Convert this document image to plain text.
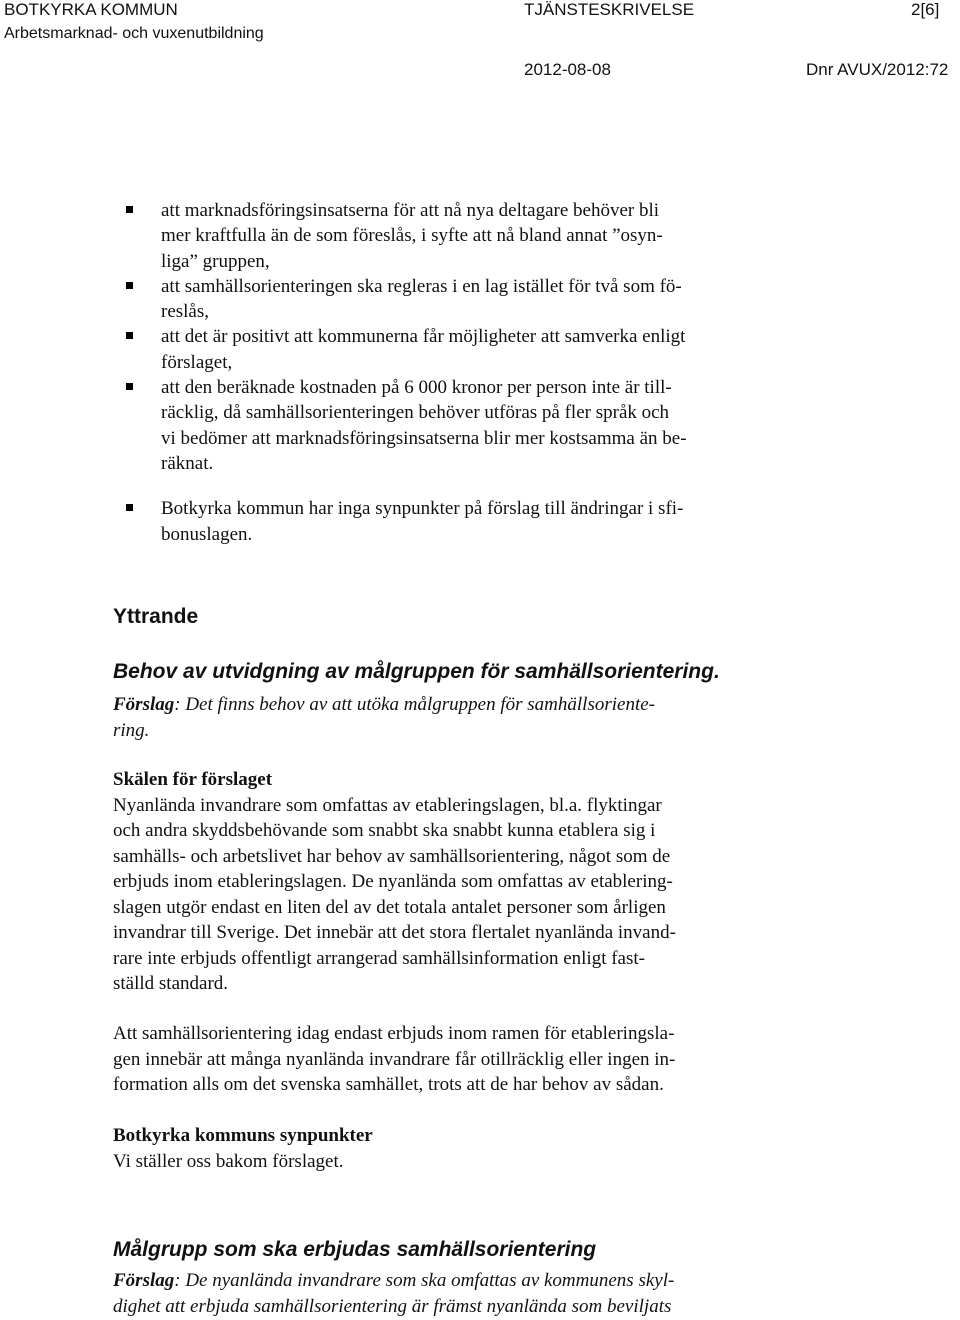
BOTKYRKA KOMMUN
Arbetsmarknad- och vuxenutbildning
TJÄNSTESKRIVELSE	2[6]
2012-08-08	Dnr AVUX/2012:72
att marknadsföringsinsatserna för att nå nya deltagare behöver bli
mer kraftfulla än de som föreslås, i syfte att nå bland annat ”osyn-
liga” gruppen,
att samhällsorienteringen ska regleras i en lag istället för två som fö-
reslås,
att det är positivt att kommunerna får möjligheter att samverka enligt
förslaget,
att den beräknade kostnaden på 6 000 kronor per person inte är till-
räcklig, då samhällsorienteringen behöver utföras på fler språk och
vi bedömer att marknadsföringsinsatserna blir mer kostsamma än be-
räknat.
Botkyrka kommun har inga synpunkter på förslag till ändringar i sfi-
bonuslagen.
Yttrande
Behov av utvidgning av målgruppen för samhällsorientering.
Förslag: Det finns behov av att utöka målgruppen för samhällsoriente-
ring.
Skälen för förslaget
Nyanlända invandrare som omfattas av etableringslagen, bl.a. flyktingar
och andra skyddsbehövande som snabbt ska snabbt kunna etablera sig i
samhälls- och arbetslivet har behov av samhällsorientering, något som de
erbjuds inom etableringslagen. De nyanlända som omfattas av etablering-
slagen utgör endast en liten del av det totala antalet personer som årligen
invandrar till Sverige. Det innebär att det stora flertalet nyanlända invand-
rare inte erbjuds offentligt arrangerad samhällsinformation enligt fast-
ställd standard.
Att samhällsorientering idag endast erbjuds inom ramen för etableringsla-
gen innebär att många nyanlända invandrare får otillräcklig eller ingen in-
formation alls om det svenska samhället, trots att de har behov av sådan.
Botkyrka kommuns synpunkter
Vi ställer oss bakom förslaget.
Målgrupp som ska erbjudas samhällsorientering
Förslag: De nyanlända invandrare som ska omfattas av kommunens skyl-
dighet att erbjuda samhällsorientering är främst nyanlända som beviljats
